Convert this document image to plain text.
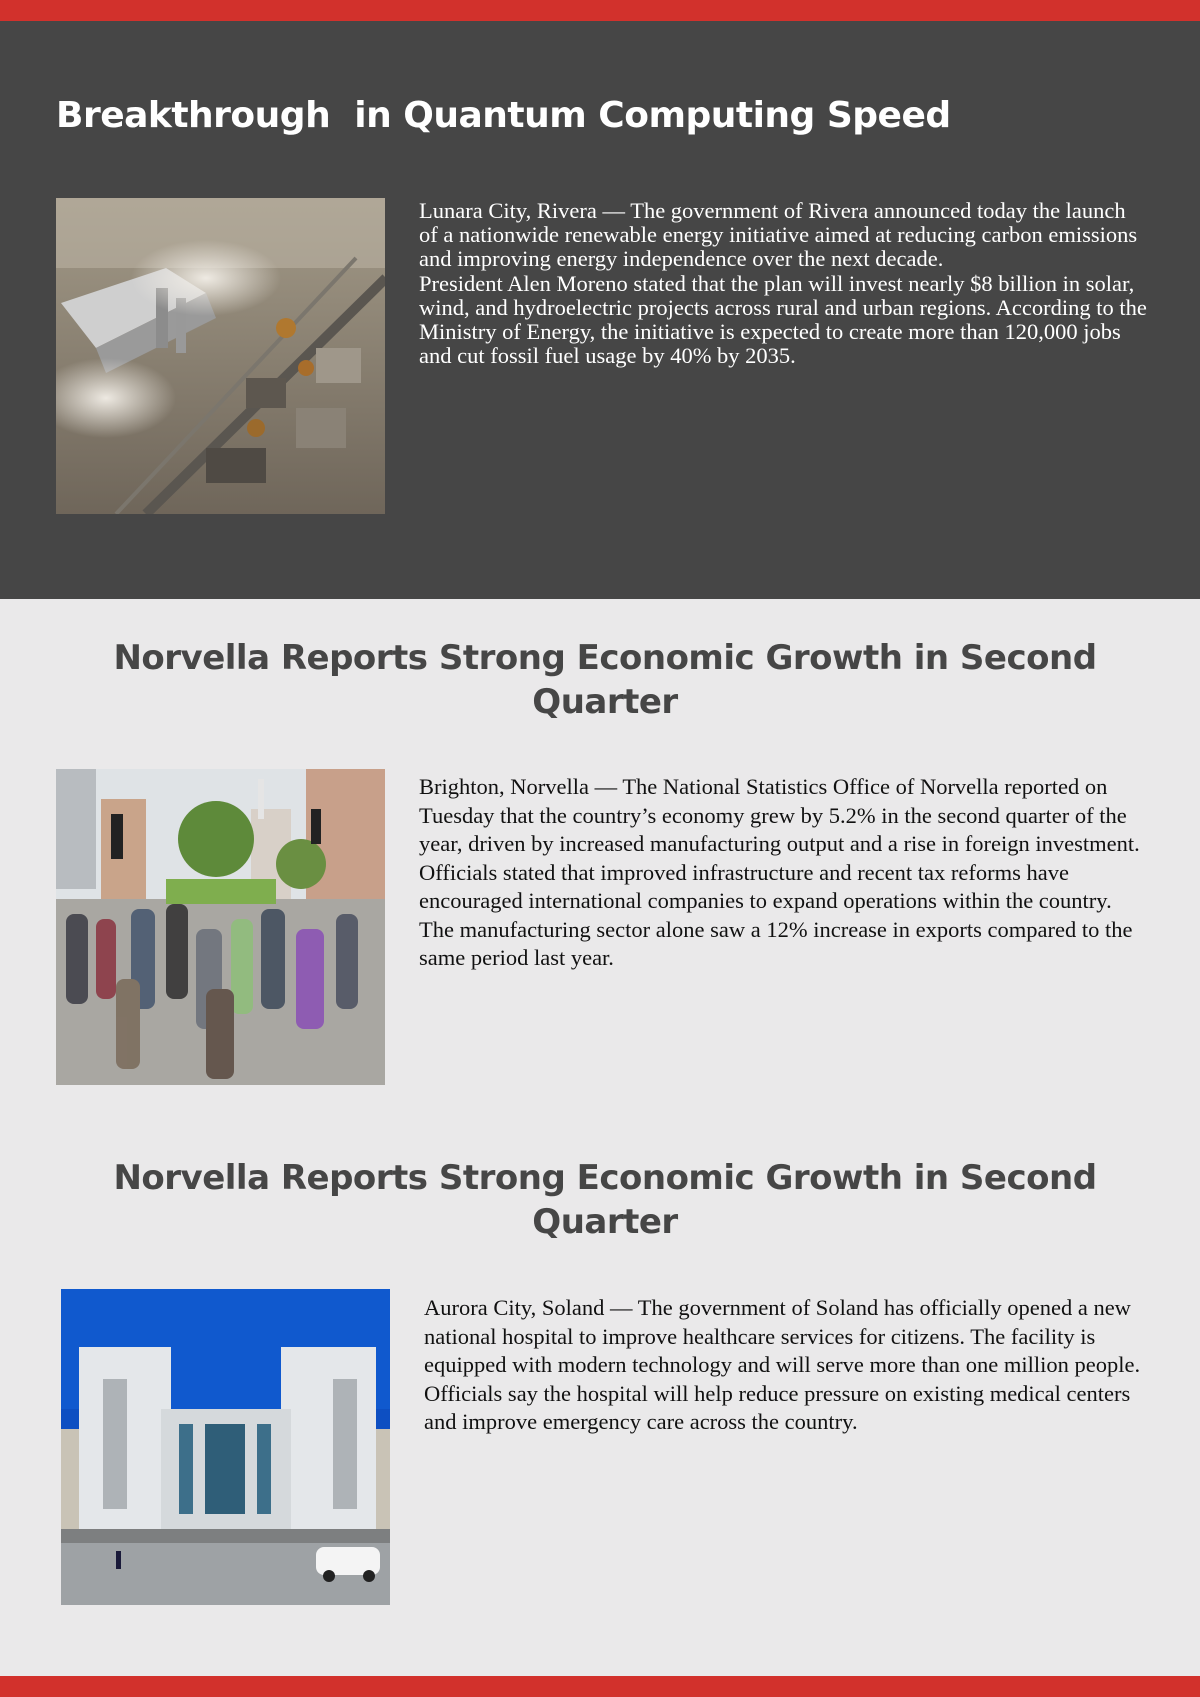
Breakthrough  in Quantum Computing Speed

Lunara City, Rivera — The government of Rivera announced today the launch of a nationwide renewable energy initiative aimed at reducing carbon emissions and improving energy independence over the next decade.

President Alen Moreno stated that the plan will invest nearly $8 billion in solar, wind, and hydroelectric projects across rural and urban regions. According to the Ministry of Energy, the initiative is expected to create more than 120,000 jobs and cut fossil fuel usage by 40% by 2035.

Norvella Reports Strong Economic Growth in Second Quarter

Brighton, Norvella — The National Statistics Office of Norvella reported on Tuesday that the country’s economy grew by 5.2% in the second quarter of the year, driven by increased manufacturing output and a rise in foreign investment.

Officials stated that improved infrastructure and recent tax reforms have encouraged international companies to expand operations within the country. The manufacturing sector alone saw a 12% increase in exports compared to the same period last year.

Norvella Reports Strong Economic Growth in Second Quarter

Aurora City, Soland — The government of Soland has officially opened a new national hospital to improve healthcare services for citizens. The facility is equipped with modern technology and will serve more than one million people. Officials say the hospital will help reduce pressure on existing medical centers and improve emergency care across the country.
